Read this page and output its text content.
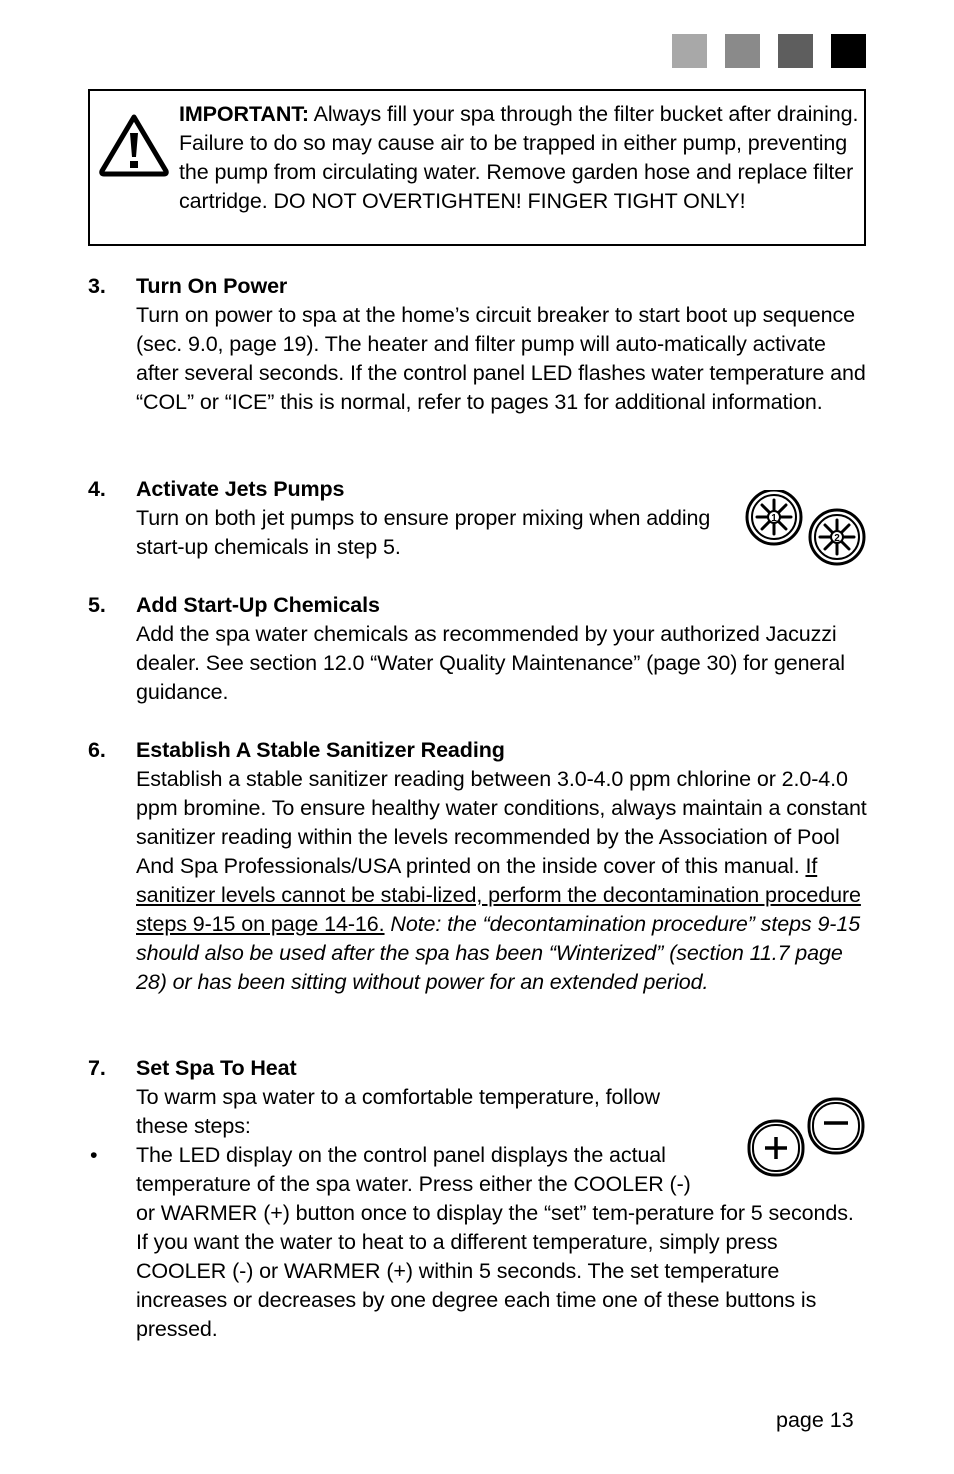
IMPORTANT: Always fill your spa through the filter bucket after draining. Failure to do so may cause air to be trapped in either pump, preventing the pump from circulating water. Remove garden hose and replace filter cartridge. DO NOT OVERTIGHTEN! FINGER TIGHT ONLY!
3. Turn On Power
Turn on power to spa at the home’s circuit breaker to start boot up sequence (sec. 9.0, page 19). The heater and filter pump will auto-matically activate after several seconds. If the control panel LED flashes water temperature and “COL” or “ICE” this is normal, refer to pages 31 for additional information.
4. Activate Jets Pumps
Turn on both jet pumps to ensure proper mixing when adding start-up chemicals in step 5.
1
2
5. Add Start-Up Chemicals
Add the spa water chemicals as recommended by your authorized Jacuzzi dealer. See section 12.0 “Water Quality Maintenance” (page 30) for general guidance.
6. Establish A Stable Sanitizer Reading
Establish a stable sanitizer reading between 3.0-4.0 ppm chlorine or 2.0-4.0 ppm bromine. To ensure healthy water conditions, always maintain a constant sanitizer reading within the levels recommended by the Association of Pool And Spa Professionals/USA printed on the inside cover of this manual. If sanitizer levels cannot be stabi-lized, perform the decontamination procedure steps 9-15 on page 14-16. Note: the “decontamination procedure” steps 9-15 should also be used after the spa has been “Winterized” (section 11.7 page 28) or has been sitting without power for an extended period.
7. Set Spa To Heat
To warm spa water to a comfortable temperature, follow these steps:
• The LED display on the control panel displays the actual temperature of the spa water. Press either the COOLER (-) or WARMER (+) button once to display the “set” tem-perature for 5 seconds. If you want the water to heat to a different temperature, simply press COOLER (-) or WARMER (+) within 5 seconds. The set temperature increases or decreases by one degree each time one of these buttons is pressed.
page 13
